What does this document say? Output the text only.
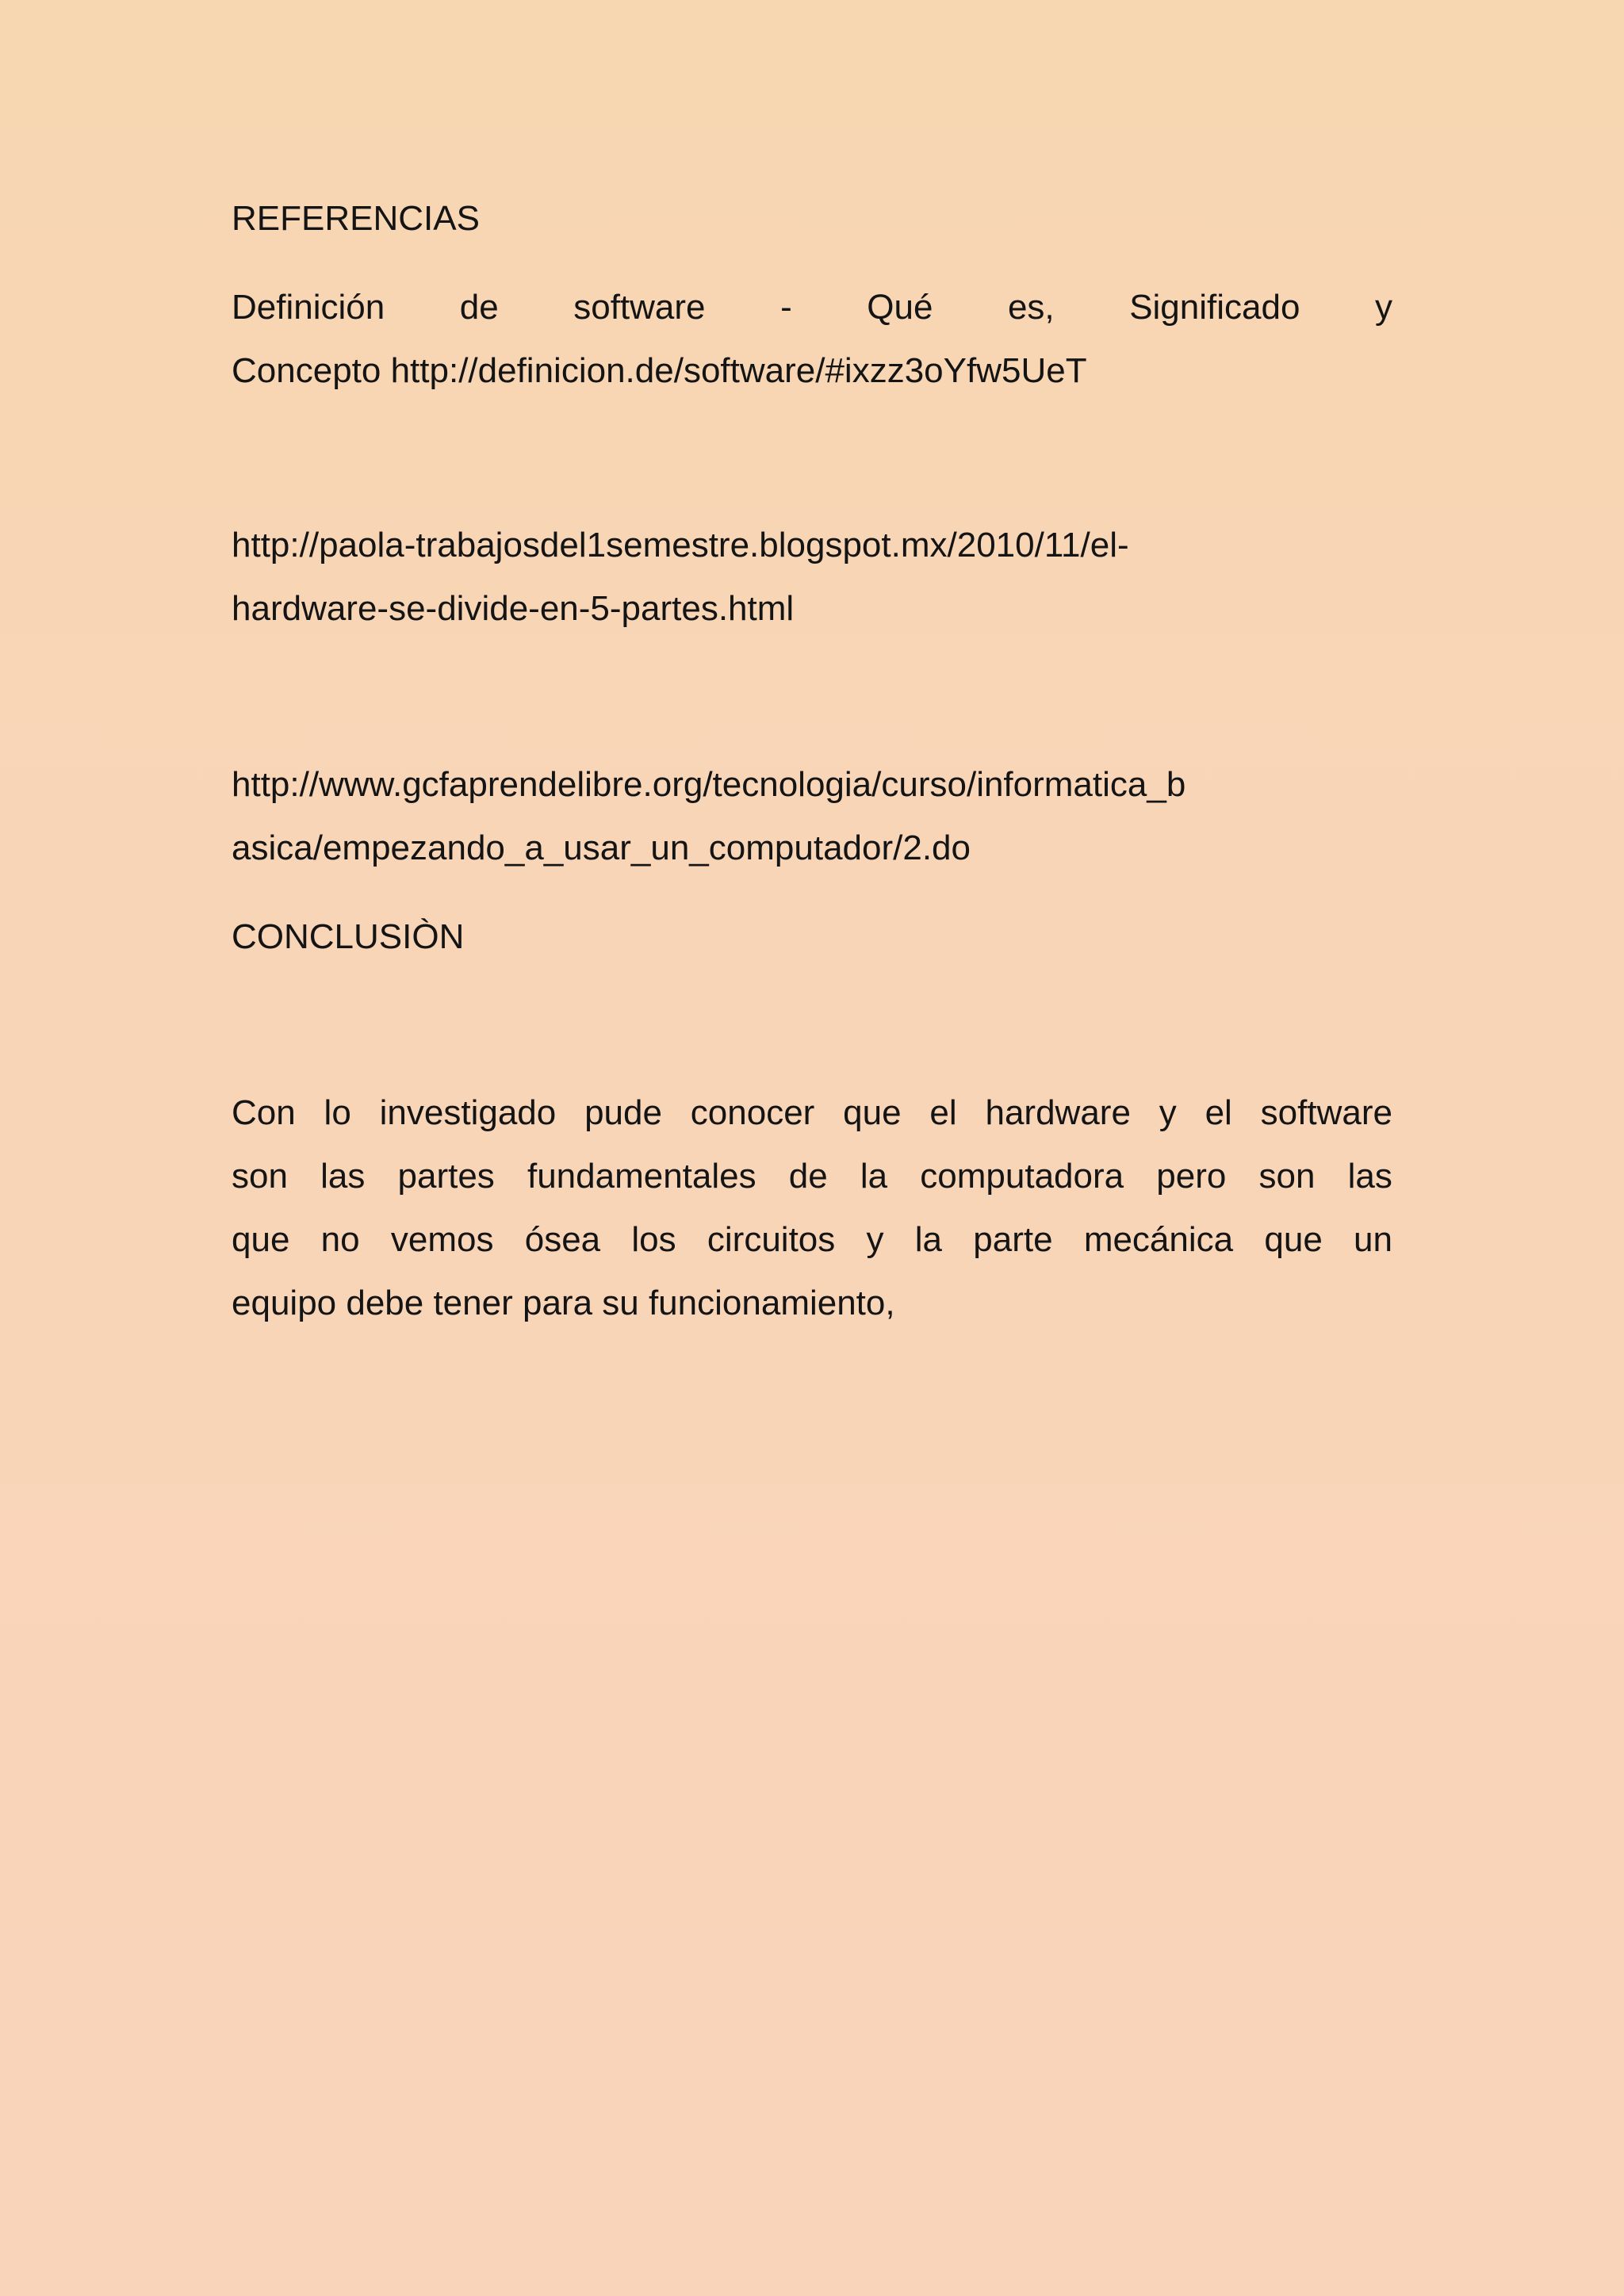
REFERENCIAS
Definición de software - Qué es, Significado y
Concepto http://definicion.de/software/#ixzz3oYfw5UeT
http://paola-trabajosdel1semestre.blogspot.mx/2010/11/el-
hardware-se-divide-en-5-partes.html
http://www.gcfaprendelibre.org/tecnologia/curso/informatica_b
asica/empezando_a_usar_un_computador/2.do
CONCLUSIÒN
Con lo investigado pude conocer que el hardware y el software
son las partes fundamentales de la computadora pero son las
que no vemos ósea los circuitos y la parte mecánica que un
equipo debe tener para su funcionamiento,
